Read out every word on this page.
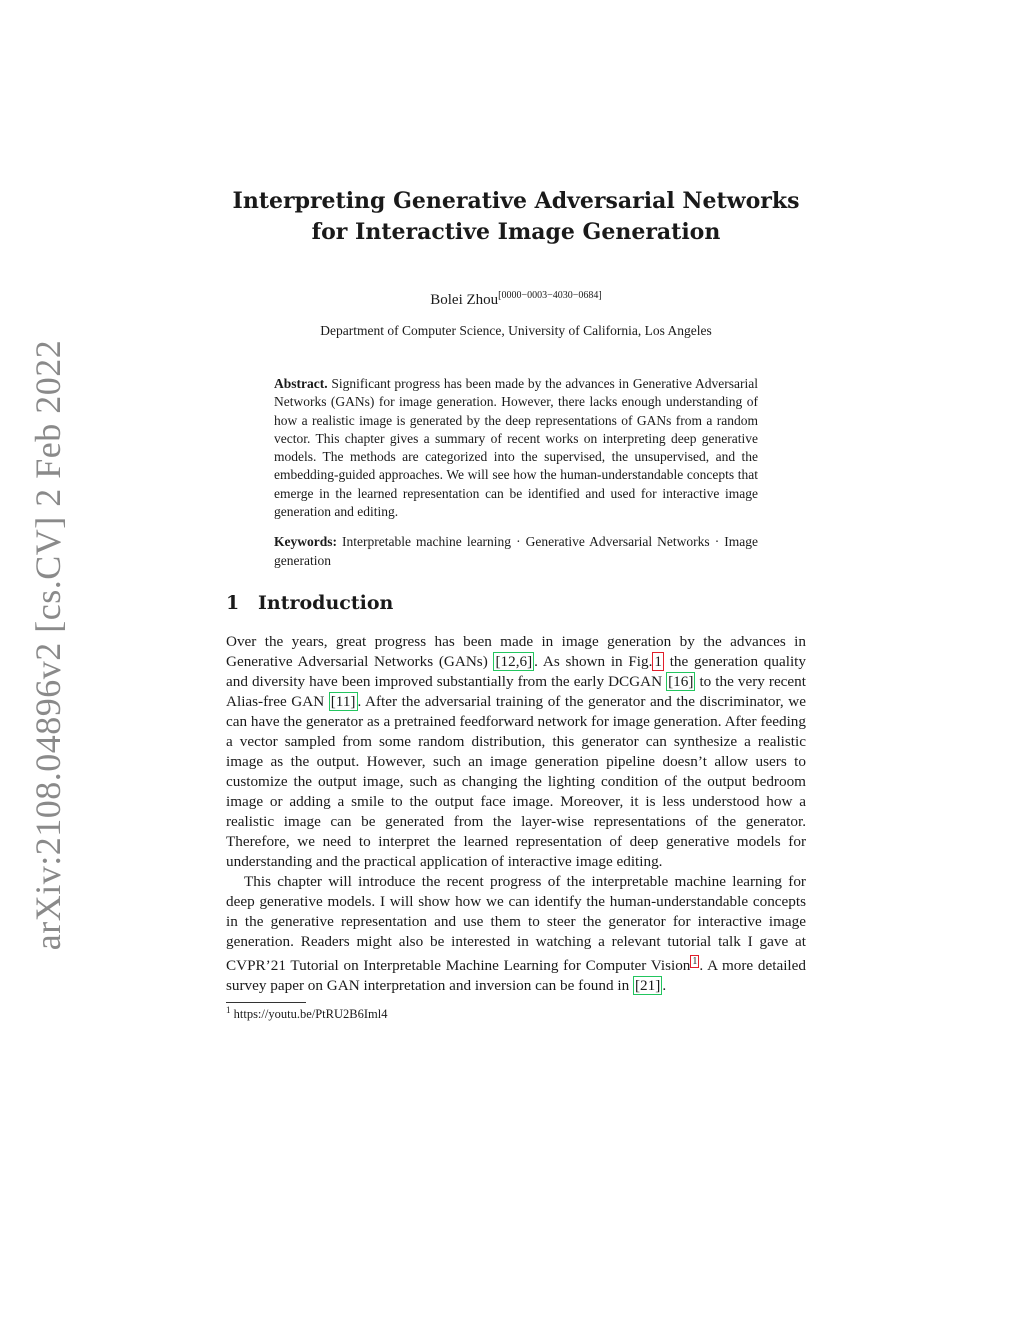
arXiv:2108.04896v2 [cs.CV] 2 Feb 2022
Interpreting Generative Adversarial Networks
for Interactive Image Generation
Bolei Zhou[0000−0003−4030−0684]
Department of Computer Science, University of California, Los Angeles
Abstract. Significant progress has been made by the advances in Generative Adversarial Networks (GANs) for image generation. However, there lacks enough understanding of how a realistic image is generated by the deep representations of GANs from a random vector. This chapter gives a summary of recent works on interpreting deep generative models. The methods are categorized into the supervised, the unsupervised, and the embedding-guided approaches. We will see how the human-understandable concepts that emerge in the learned representation can be identified and used for interactive image generation and editing.
Keywords: Interpretable machine learning · Generative Adversarial Networks · Image generation
1 Introduction

Over the years, great progress has been made in image generation by the advances in Generative Adversarial Networks (GANs) [12,6] . As shown in Fig. 1 the generation quality and diversity have been improved substantially from the early DCGAN [16] to the very recent Alias-free GAN [11] . After the adversarial training of the generator and the discriminator, we can have the generator as a pretrained feedforward network for image generation. After feeding a vector sampled from some random distribution, this generator can synthesize a realistic image as the output. However, such an image generation pipeline doesn’t allow users to customize the output image, such as changing the lighting condition of the output bedroom image or adding a smile to the output face image. Moreover, it is less understood how a realistic image can be generated from the layer-wise representations of the generator. Therefore, we need to interpret the learned representation of deep generative models for understanding and the practical application of interactive image editing.

This chapter will introduce the recent progress of the interpretable machine learning for deep generative models. I will show how we can identify the human-understandable concepts in the generative representation and use them to steer the generator for interactive image generation. Readers might also be interested in watching a relevant tutorial talk I gave at CVPR’21 Tutorial on Interpretable Machine Learning for Computer Vision $^1$ . A more detailed survey paper on GAN interpretation and inversion can be found in [21] .

$^1$ https://youtu.be/PtRU2B6Iml4
